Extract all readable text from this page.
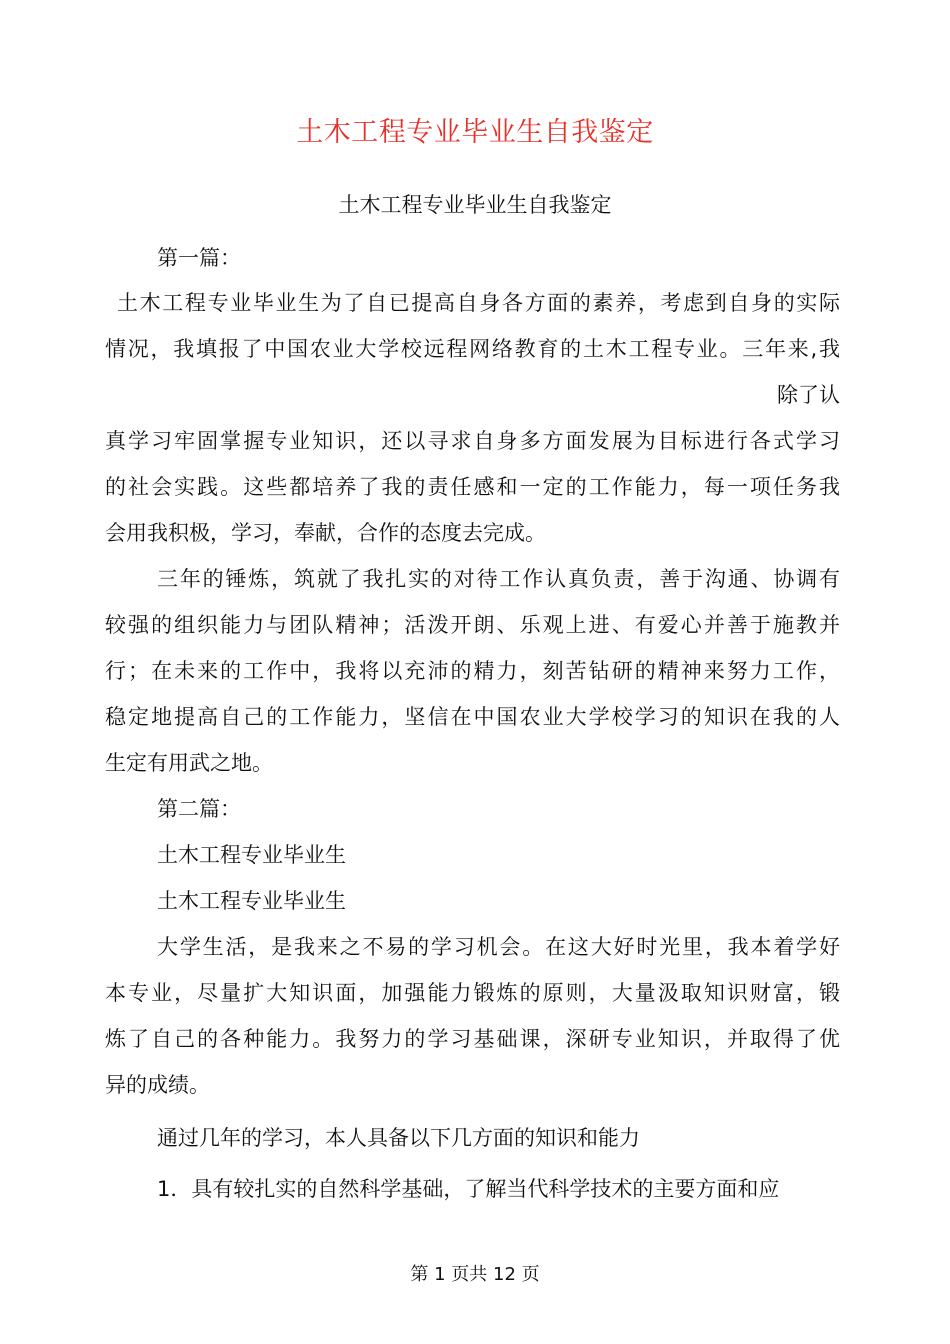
土木工程专业毕业生自我鉴定
土木工程专业毕业生自我鉴定
第一篇：
土木工程专业毕业生为了自已提高自身各方面的素养，考虑到自身的实际
情况，我填报了中国农业大学校远程网络教育的土木工程专业。三年来,我
除了认
真学习牢固掌握专业知识，还以寻求自身多方面发展为目标进行各式学习
的社会实践。这些都培养了我的责任感和一定的工作能力，每一项任务我
会用我积极，学习，奉献，合作的态度去完成。
三年的锤炼，筑就了我扎实的对待工作认真负责，善于沟通、协调有
较强的组织能力与团队精神；活泼开朗、乐观上进、有爱心并善于施教并
行；在未来的工作中，我将以充沛的精力，刻苦钻研的精神来努力工作，
稳定地提高自己的工作能力，坚信在中国农业大学校学习的知识在我的人
生定有用武之地。
第二篇：
土木工程专业毕业生
土木工程专业毕业生
大学生活，是我来之不易的学习机会。在这大好时光里，我本着学好
本专业，尽量扩大知识面，加强能力锻炼的原则，大量汲取知识财富，锻
炼了自己的各种能力。我努力的学习基础课，深研专业知识，并取得了优
异的成绩。
通过几年的学习，本人具备以下几方面的知识和能力
1．具有较扎实的自然科学基础，了解当代科学技术的主要方面和应
第 1 页共 12 页
